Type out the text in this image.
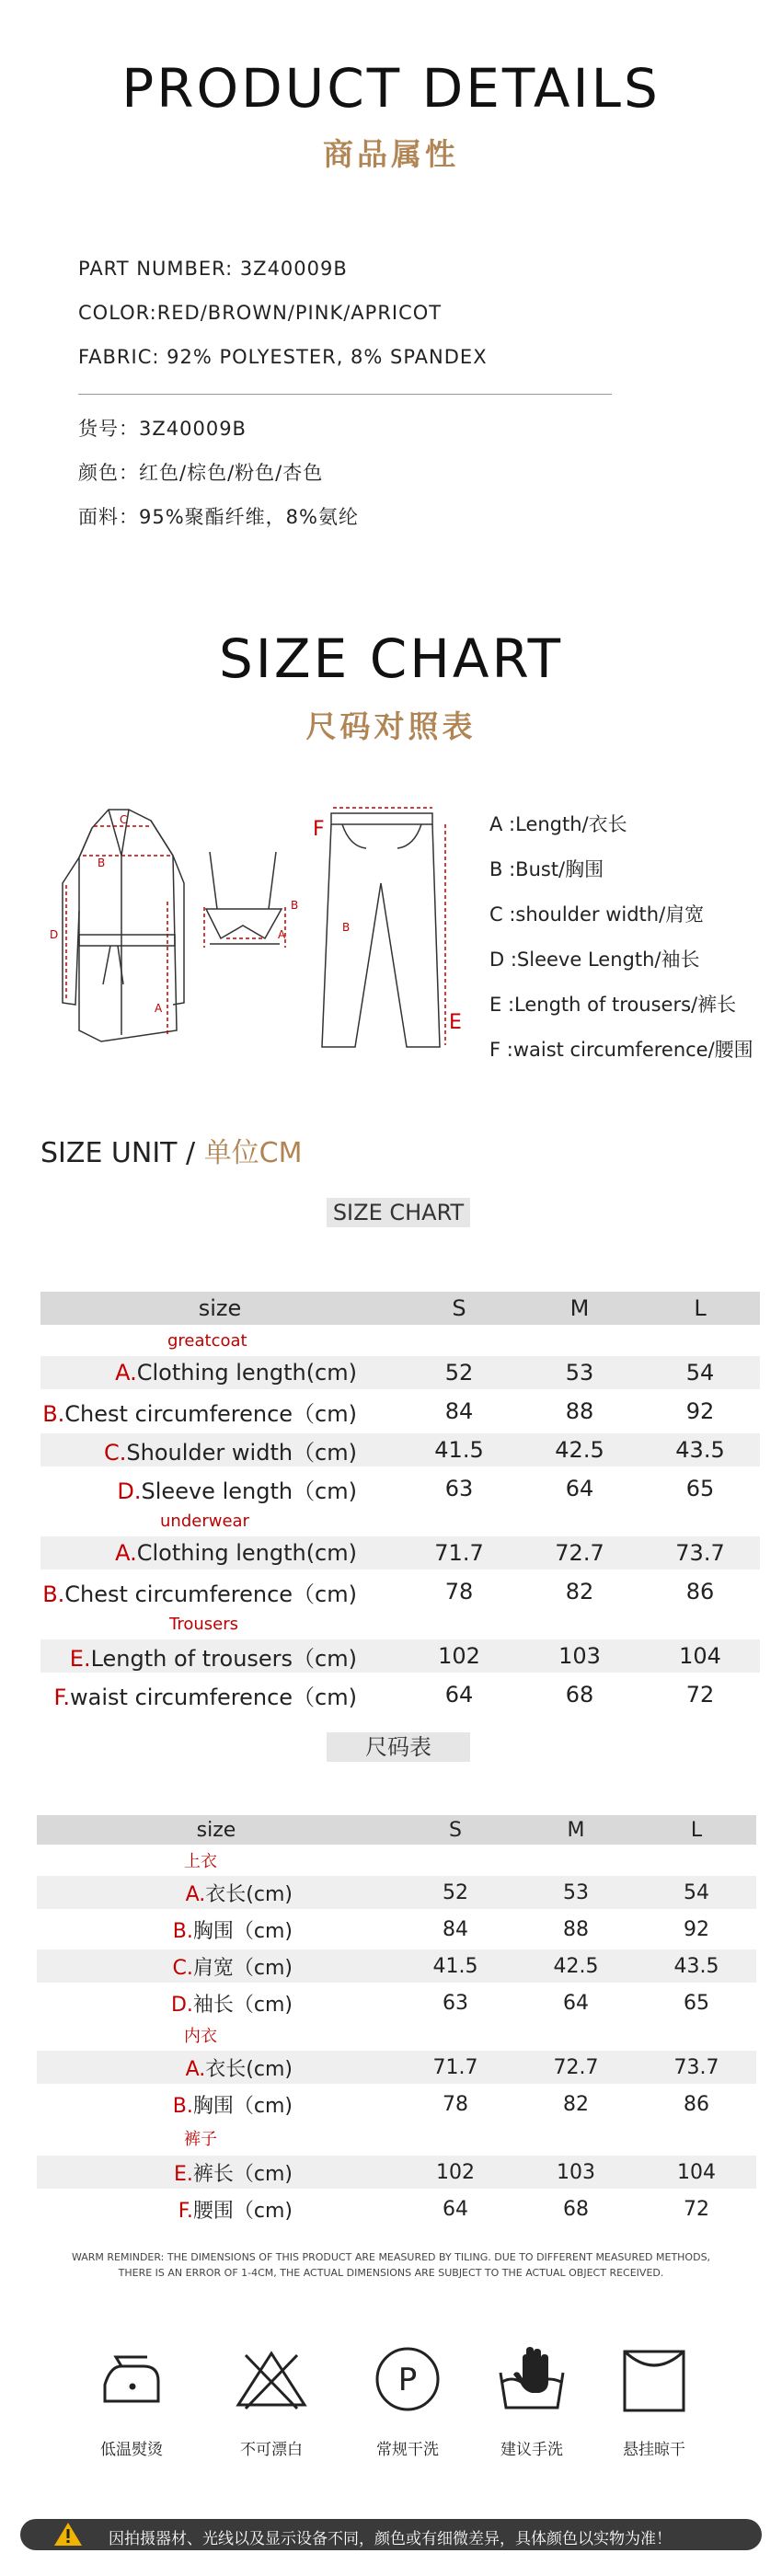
PRODUCT DETAILS
商品属性
PART NUMBER: 3Z40009B
COLOR:RED/BROWN/PINK/APRICOT
FABRIC: 92% POLYESTER, 8% SPANDEX
货号：3Z40009B
颜色：红色/棕色/粉色/杏色
面料：95%聚酯纤维，8%氨纶
SIZE CHART
尺码对照表
C
B
D
A
B
A
F
B
E
A :Length/衣长
B :Bust/胸围
C :shoulder width/肩宽
D :Sleeve Length/袖长
E :Length of trousers/裤长
F :waist circumference/腰围
SIZE UNIT / 单位CM
SIZE CHART
size	S	M	L
greatcoat			
A.Clothing length(cm)	52	53	54
B.Chest circumference（cm)	84	88	92
C.Shoulder width（cm)	41.5	42.5	43.5
D.Sleeve length（cm)	63	64	65
underwear			
A.Clothing length(cm)	71.7	72.7	73.7
B.Chest circumference（cm)	78	82	86
Trousers			
E.Length of trousers（cm)	102	103	104
F.waist circumference（cm)	64	68	72
尺码表
size	S	M	L
上衣			
A.衣长(cm)	52	53	54
B.胸围（cm)	84	88	92
C.肩宽（cm)	41.5	42.5	43.5
D.袖长（cm)	63	64	65
内衣			
A.衣长(cm)	71.7	72.7	73.7
B.胸围（cm)	78	82	86
裤子			
E.裤长（cm)	102	103	104
F.腰围（cm)	64	68	72
WARM REMINDER: THE DIMENSIONS OF THIS PRODUCT ARE MEASURED BY TILING. DUE TO DIFFERENT MEASURED METHODS,
THERE IS AN ERROR OF 1-4CM, THE ACTUAL DIMENSIONS ARE SUBJECT TO THE ACTUAL OBJECT RECEIVED.
P
低温熨烫	不可漂白	常规干洗	建议手洗	悬挂晾干
因拍摄器材、光线以及显示设备不同，颜色或有细微差异，具体颜色以实物为准！
